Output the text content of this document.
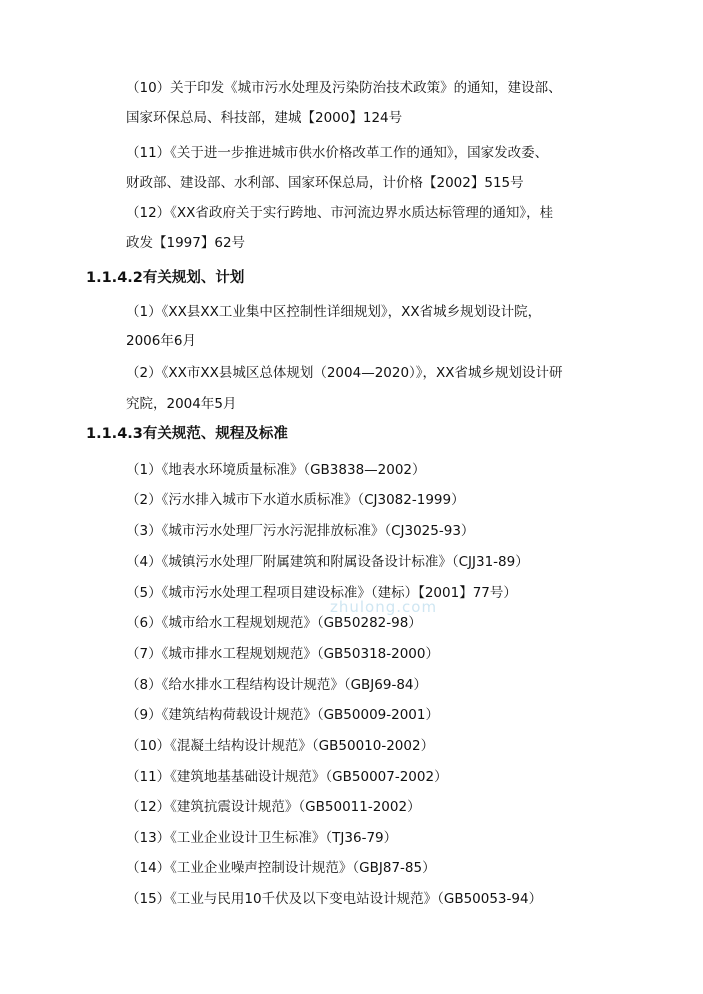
（10）关于印发《城市污水处理及污染防治技术政策》的通知，建设部、

国家环保总局、科技部，建城【2000】124号

（11）《关于进一步推进城市供水价格改革工作的通知》，国家发改委、

财政部、建设部、水利部、国家环保总局，计价格【2002】515号

（12）《XX省政府关于实行跨地、市河流边界水质达标管理的通知》，桂

政发【1997】62号

1.1.4.2有关规划、计划

（1）《XX县XX工业集中区控制性详细规划》，XX省城乡规划设计院，

2006年6月

（2）《XX市XX县城区总体规划（2004—2020）》，XX省城乡规划设计研

究院，2004年5月

1.1.4.3有关规范、规程及标准

（1）《地表水环境质量标准》（GB3838—2002）

（2）《污水排入城市下水道水质标准》（CJ3082-1999）

（3）《城市污水处理厂污水污泥排放标准》（CJ3025-93）

（4）《城镇污水处理厂附属建筑和附属设备设计标准》（CJJ31-89）

（5）《城市污水处理工程项目建设标准》（建标）【2001】77号）

（6）《城市给水工程规划规范》（GB50282-98）

（7）《城市排水工程规划规范》（GB50318-2000）

（8）《给水排水工程结构设计规范》（GBJ69-84）

（9）《建筑结构荷载设计规范》（GB50009-2001）

（10）《混凝土结构设计规范》（GB50010-2002）

（11）《建筑地基基础设计规范》（GB50007-2002）

（12）《建筑抗震设计规范》（GB50011-2002）

（13）《工业企业设计卫生标准》（TJ36-79）

（14）《工业企业噪声控制设计规范》（GBJ87-85）

（15）《工业与民用10千伏及以下变电站设计规范》（GB50053-94）

zhulong.com
